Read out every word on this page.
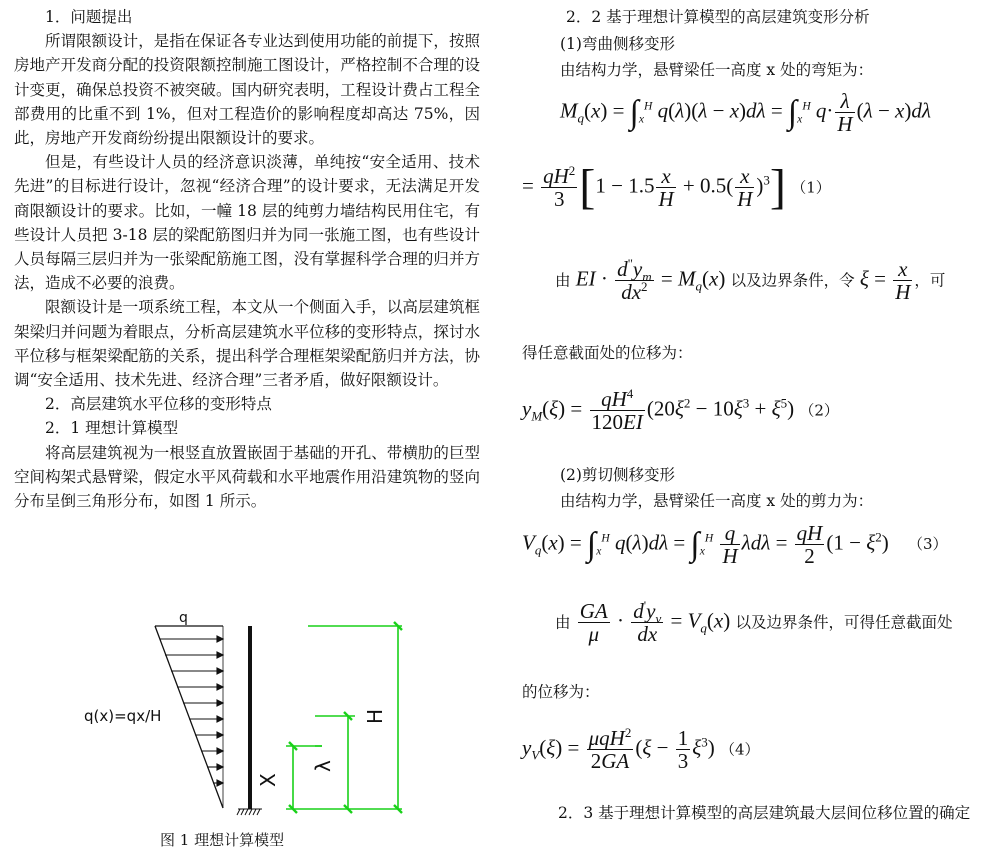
1．问题提出

所谓限额设计，是指在保证各专业达到使用功能的前提下，按照房地产开发商分配的投资限额控制施工图设计，严格控制不合理的设计变更，确保总投资不被突破。国内研究表明，工程设计费占工程全部费用的比重不到 1%，但对工程造价的影响程度却高达 75%，因此，房地产开发商纷纷提出限额设计的要求。

但是，有些设计人员的经济意识淡薄，单纯按“安全适用、技术先进”的目标进行设计，忽视“经济合理”的设计要求，无法满足开发商限额设计的要求。比如，一幢 18 层的纯剪力墙结构民用住宅，有些设计人员把 3-18 层的梁配筋图归并为同一张施工图，也有些设计人员每隔三层归并为一张梁配筋施工图，没有掌握科学合理的归并方法，造成不必要的浪费。

限额设计是一项系统工程，本文从一个侧面入手，以高层建筑框架梁归并问题为着眼点，分析高层建筑水平位移的变形特点，探讨水平位移与框架梁配筋的关系，提出科学合理框架梁配筋归并方法，协调“安全适用、技术先进、经济合理”三者矛盾，做好限额设计。

2．高层建筑水平位移的变形特点

2．1 理想计算模型

将高层建筑视为一根竖直放置嵌固于基础的开孔、带横肋的巨型空间构架式悬臂梁，假定水平风荷载和水平地震作用沿建筑物的竖向分布呈倒三角形分布，如图 1 所示。

q
q(x)=qx/H	H
λ
X
图 1 理想计算模型
2．2 基于理想计算模型的高层建筑变形分析
(1)弯曲侧移变形
由结构力学，悬臂梁任一高度 x 处的弯矩为：
$M_q(x) = \int_x^H$ $q(\lambda)(\lambda - x)d\lambda = \int_x^H$ $q\cdot \frac{\lambda}{H} (\lambda - x)d\lambda$
= $\frac{qH^2}{3} [1 - 1.5 \frac{x}{H} + 0.5( \frac{x}{H} )^3]$ （1）
由 EI · $\frac{d^"y_m}{dx^2} = M_q(x)$ 以及边界条件，令 $\xi = \frac{x}{H}$ ，可
得任意截面处的位移为：
$y_M(\xi) = \frac{qH^4}{120EI} (20\xi^2 - 10\xi^3 + \xi^5)$ （2）
(2)剪切侧移变形
由结构力学，悬臂梁任一高度 x 处的剪力为：
$V_q(x) = \int_x^H$ $q(\lambda)d\lambda = \int_x^H \frac{q}{H}$ $\lambda d\lambda = \frac{qH}{2} (1 - \xi^2)$ （3）
由 $\frac{GA}{\mu} \cdot \frac{d'y_v}{dx} = V_q(x)$ 以及边界条件，可得任意截面处
的位移为：
$y_V(\xi) = \frac{\mu qH^2}{2GA} (\xi - \frac{1}{3} \xi^3)$ （4）
2．3 基于理想计算模型的高层建筑最大层间位移位置的确定
